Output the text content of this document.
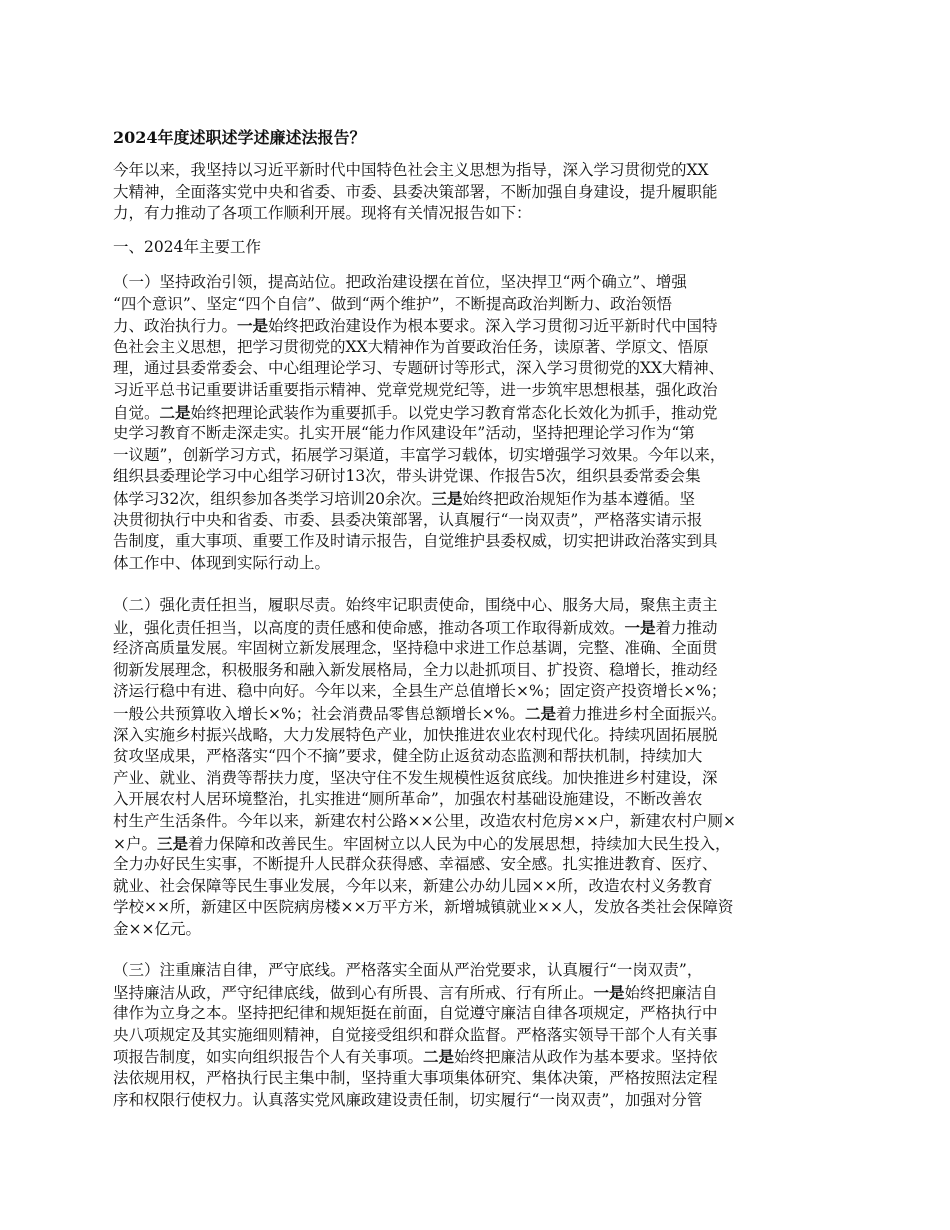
2024年度述职述学述廉述法报告？
今年以来，我坚持以习近平新时代中国特色社会主义思想为指导，深入学习贯彻党的XX
大精神，全面落实党中央和省委、市委、县委决策部署，不断加强自身建设，提升履职能
力，有力推动了各项工作顺利开展。现将有关情况报告如下：
一、2024年主要工作
（一）坚持政治引领，提高站位。把政治建设摆在首位，坚决捍卫“两个确立”、增强
“四个意识”、坚定“四个自信”、做到“两个维护”，不断提高政治判断力、政治领悟
力、政治执行力。一是始终把政治建设作为根本要求。深入学习贯彻习近平新时代中国特
色社会主义思想，把学习贯彻党的XX大精神作为首要政治任务，读原著、学原文、悟原
理，通过县委常委会、中心组理论学习、专题研讨等形式，深入学习贯彻党的XX大精神、
习近平总书记重要讲话重要指示精神、党章党规党纪等，进一步筑牢思想根基，强化政治
自觉。二是始终把理论武装作为重要抓手。以党史学习教育常态化长效化为抓手，推动党
史学习教育不断走深走实。扎实开展“能力作风建设年”活动，坚持把理论学习作为“第
一议题”，创新学习方式，拓展学习渠道，丰富学习载体，切实增强学习效果。今年以来，
组织县委理论学习中心组学习研讨13次，带头讲党课、作报告5次，组织县委常委会集
体学习32次，组织参加各类学习培训20余次。三是始终把政治规矩作为基本遵循。坚
决贯彻执行中央和省委、市委、县委决策部署，认真履行“一岗双责”，严格落实请示报
告制度，重大事项、重要工作及时请示报告，自觉维护县委权威，切实把讲政治落实到具
体工作中、体现到实际行动上。
（二）强化责任担当，履职尽责。始终牢记职责使命，围绕中心、服务大局，聚焦主责主
业，强化责任担当，以高度的责任感和使命感，推动各项工作取得新成效。一是着力推动
经济高质量发展。牢固树立新发展理念，坚持稳中求进工作总基调，完整、准确、全面贯
彻新发展理念，积极服务和融入新发展格局，全力以赴抓项目、扩投资、稳增长，推动经
济运行稳中有进、稳中向好。今年以来，全县生产总值增长×%；固定资产投资增长×%；
一般公共预算收入增长×%；社会消费品零售总额增长×%。二是着力推进乡村全面振兴。
深入实施乡村振兴战略，大力发展特色产业，加快推进农业农村现代化。持续巩固拓展脱
贫攻坚成果，严格落实“四个不摘”要求，健全防止返贫动态监测和帮扶机制，持续加大
产业、就业、消费等帮扶力度，坚决守住不发生规模性返贫底线。加快推进乡村建设，深
入开展农村人居环境整治，扎实推进“厕所革命”，加强农村基础设施建设，不断改善农
村生产生活条件。今年以来，新建农村公路××公里，改造农村危房××户，新建农村户厕×
×户。三是着力保障和改善民生。牢固树立以人民为中心的发展思想，持续加大民生投入，
全力办好民生实事，不断提升人民群众获得感、幸福感、安全感。扎实推进教育、医疗、
就业、社会保障等民生事业发展，今年以来，新建公办幼儿园××所，改造农村义务教育
学校××所，新建区中医院病房楼××万平方米，新增城镇就业××人，发放各类社会保障资
金××亿元。
（三）注重廉洁自律，严守底线。严格落实全面从严治党要求，认真履行“一岗双责”，
坚持廉洁从政，严守纪律底线，做到心有所畏、言有所戒、行有所止。一是始终把廉洁自
律作为立身之本。坚持把纪律和规矩挺在前面，自觉遵守廉洁自律各项规定，严格执行中
央八项规定及其实施细则精神，自觉接受组织和群众监督。严格落实领导干部个人有关事
项报告制度，如实向组织报告个人有关事项。二是始终把廉洁从政作为基本要求。坚持依
法依规用权，严格执行民主集中制，坚持重大事项集体研究、集体决策，严格按照法定程
序和权限行使权力。认真落实党风廉政建设责任制，切实履行“一岗双责”，加强对分管
